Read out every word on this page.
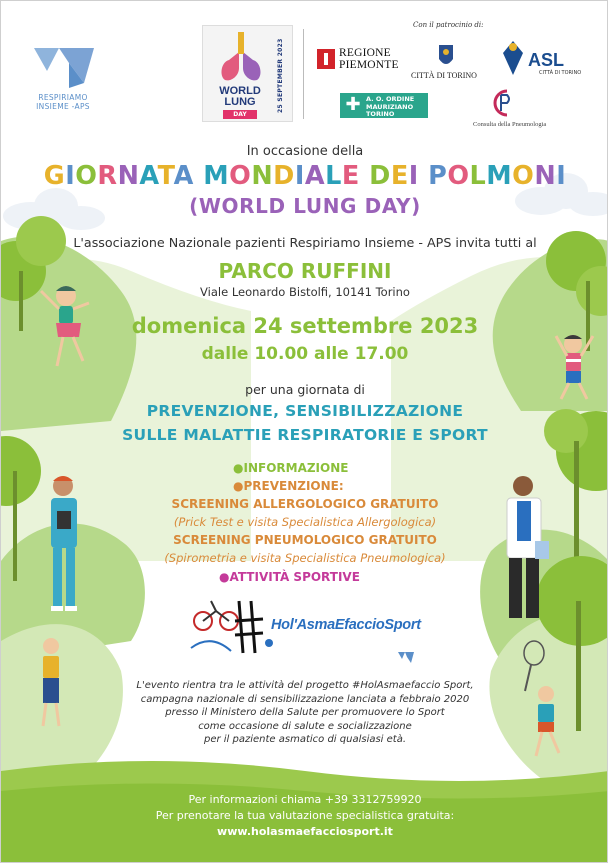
RESPIRIAMO INSIEME -APS
WORLD LUNG
DAY
25 SEPTEMBER 2023
Con il patrocinio di:
REGIONE PIEMONTE
CITTÀ DI TORINO
ASL
CITTÀ DI TORINO
✚ A. O. ORDINE MAURIZIANO TORINO
Consulta della Pneumologia
In occasione della
GIORNATA MONDIALE DEI POLMONI
(WORLD LUNG DAY)
L'associazione Nazionale pazienti Respiriamo Insieme - APS invita tutti al
PARCO RUFFINI
Viale Leonardo Bistolfi, 10141 Torino
domenica 24 settembre 2023
dalle 10.00 alle 17.00
per una giornata di
PREVENZIONE, SENSIBILIZZAZIONE
SULLE MALATTIE RESPIRATORIE E SPORT
●INFORMAZIONE
●PREVENZIONE:
SCREENING ALLERGOLOGICO GRATUITO
(Prick Test e visita Specialistica Allergologica)
SCREENING PNEUMOLOGICO GRATUITO
(Spirometria e visita Specialistica Pneumologica)
●ATTIVITÀ SPORTIVE
Hol'AsmaEfaccioSport
L'evento rientra tra le attività del progetto #HolAsmaefaccio Sport,
campagna nazionale di sensibilizzazione lanciata a febbraio 2020
presso il Ministero della Salute per promuovere lo Sport
come occasione di salute e socializzazione
per il paziente asmatico di qualsiasi età.
Per informazioni chiama +39 3312759920
Per prenotare la tua valutazione specialistica gratuita:
www.holasmaefacciosport.it
